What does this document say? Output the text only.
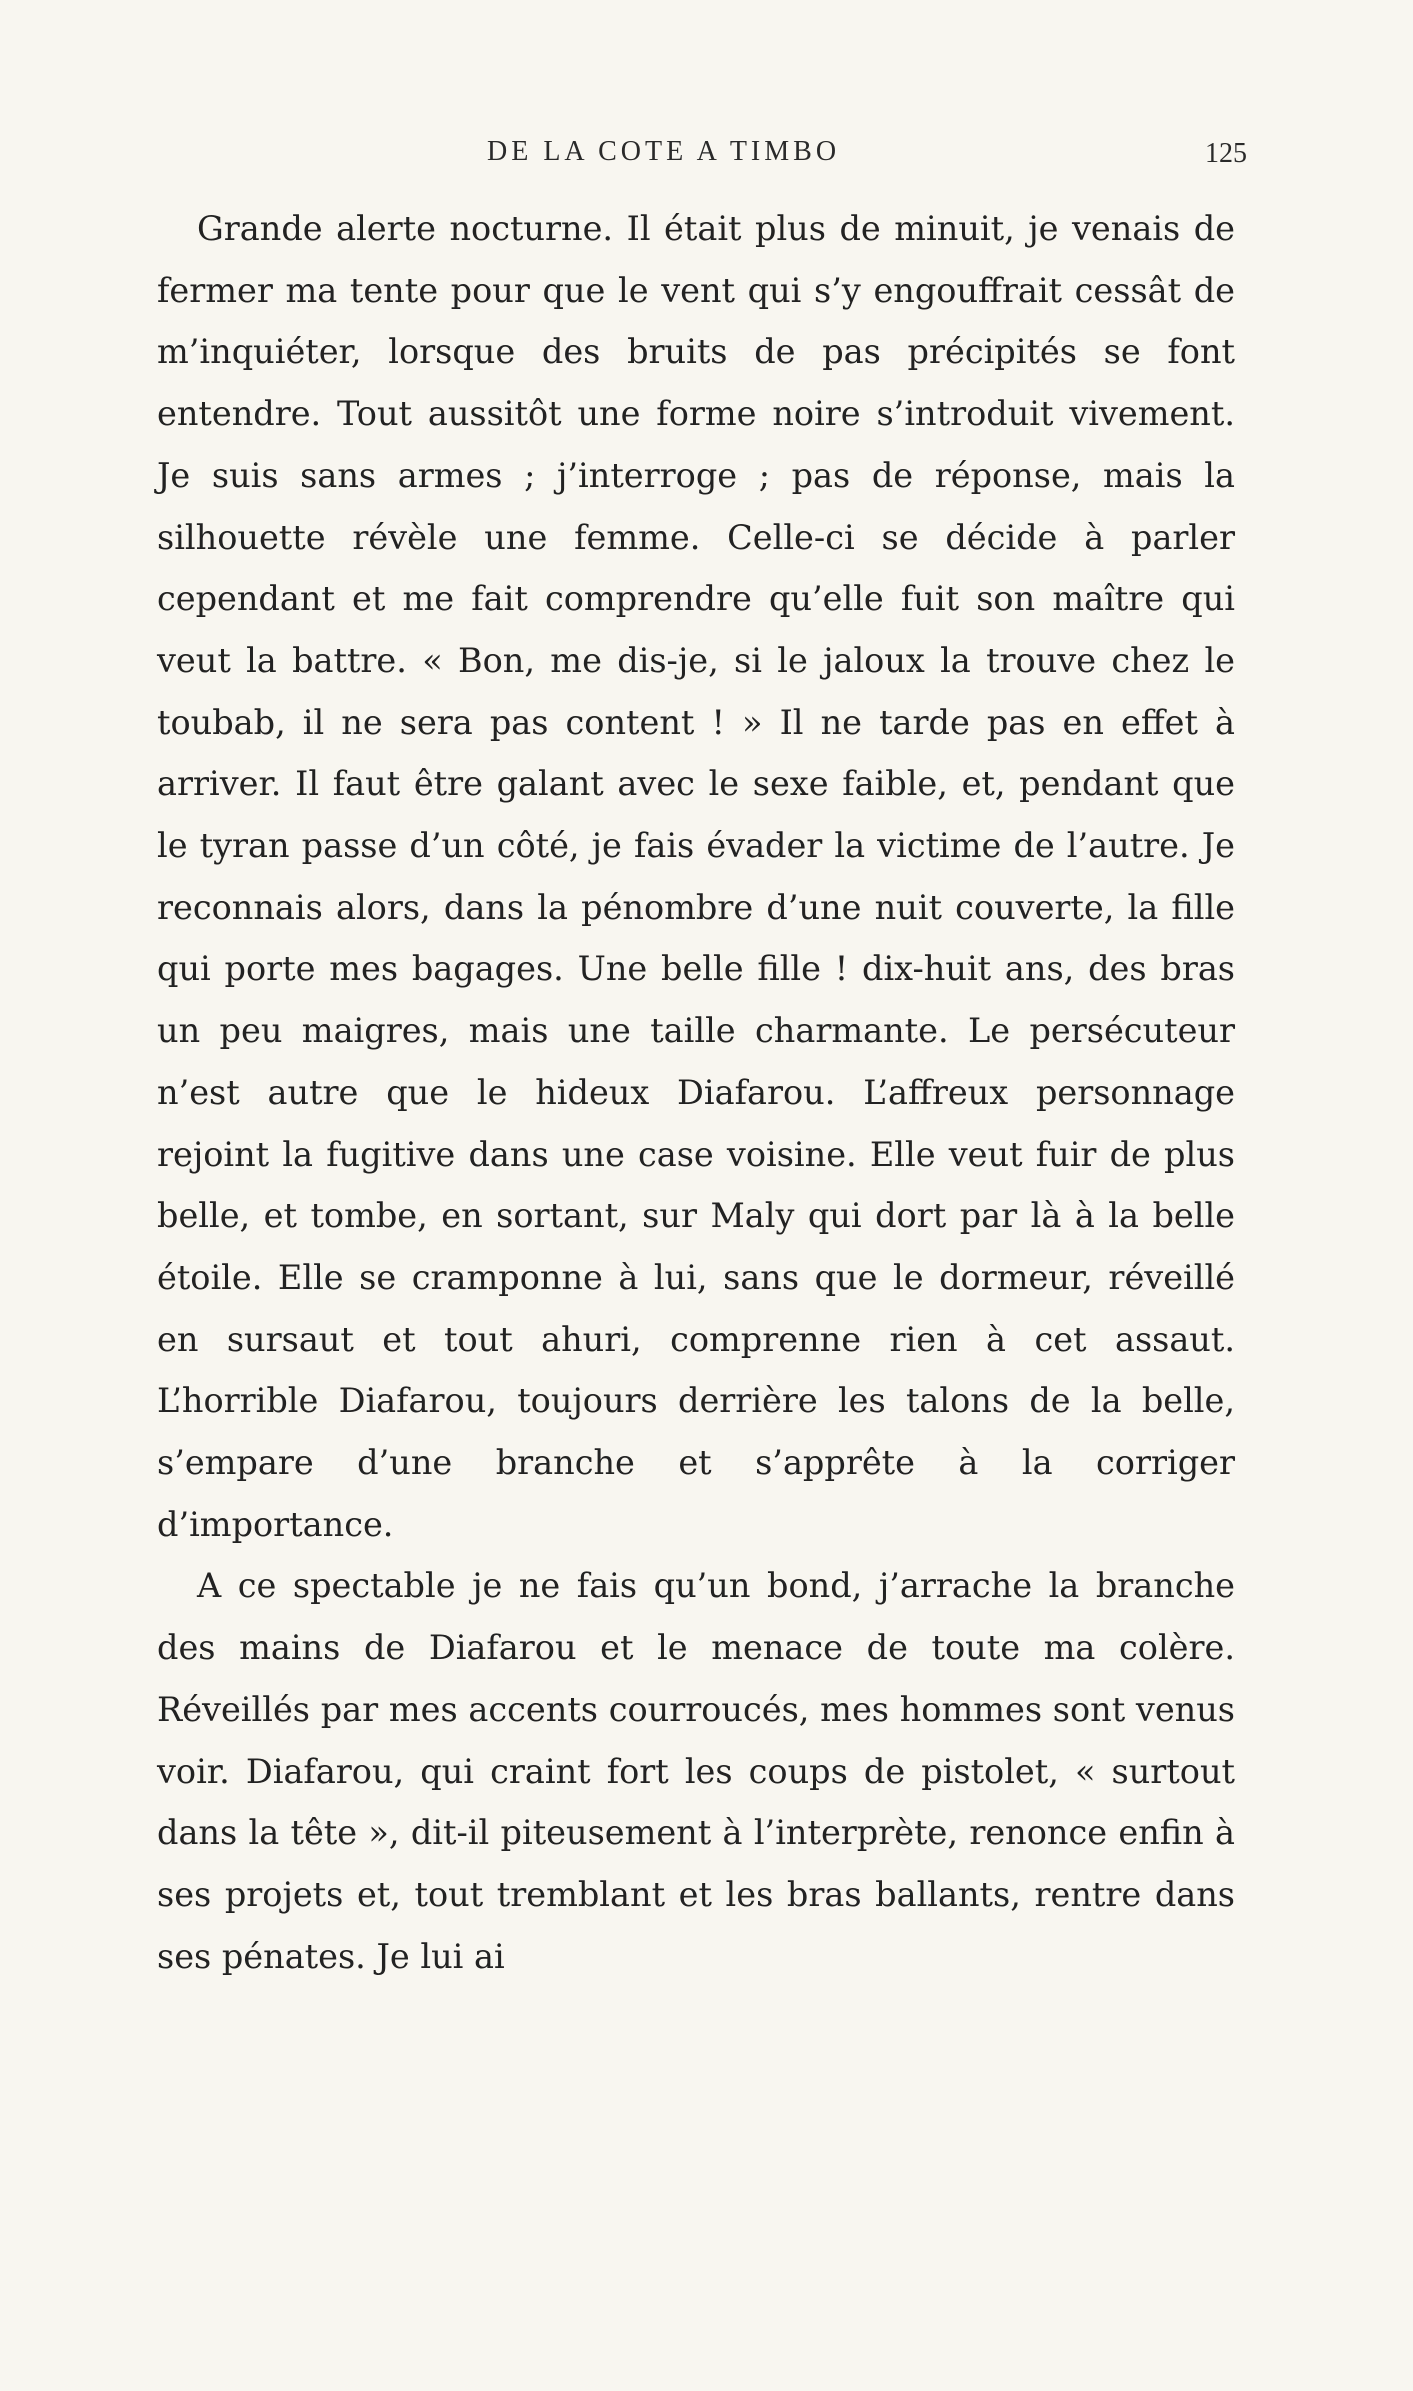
DE LA COTE A TIMBO	125

Grande alerte nocturne. Il était plus de minuit, je venais de fermer ma tente pour que le vent qui s’y engouffrait cessât de m’inquiéter, lorsque des bruits de pas précipités se font entendre. Tout aussitôt une forme noire s’introduit vivement. Je suis sans armes ; j’interroge ; pas de réponse, mais la silhouette révèle une femme. Celle-ci se décide à parler cependant et me fait comprendre qu’elle fuit son maître qui veut la battre. « Bon, me dis-je, si le jaloux la trouve chez le toubab, il ne sera pas content ! » Il ne tarde pas en effet à arriver. Il faut être galant avec le sexe faible, et, pendant que le tyran passe d’un côté, je fais évader la victime de l’autre. Je reconnais alors, dans la pénombre d’une nuit couverte, la fille qui porte mes bagages. Une belle fille ! dix-huit ans, des bras un peu maigres, mais une taille charmante. Le persécuteur n’est autre que le hideux Diafarou. L’affreux personnage rejoint la fugitive dans une case voisine. Elle veut fuir de plus belle, et tombe, en sortant, sur Maly qui dort par là à la belle étoile. Elle se cramponne à lui, sans que le dormeur, réveillé en sursaut et tout ahuri, comprenne rien à cet assaut. L’horrible Diafarou, toujours derrière les talons de la belle, s’empare d’une branche et s’apprête à la corriger d’importance.

A ce spectable je ne fais qu’un bond, j’arrache la branche des mains de Diafarou et le menace de toute ma colère. Réveillés par mes accents courroucés, mes hommes sont venus voir. Diafarou, qui craint fort les coups de pistolet, « surtout dans la tête », dit-il piteusement à l’interprète, renonce enfin à ses projets et, tout tremblant et les bras ballants, rentre dans ses pénates. Je lui ai
